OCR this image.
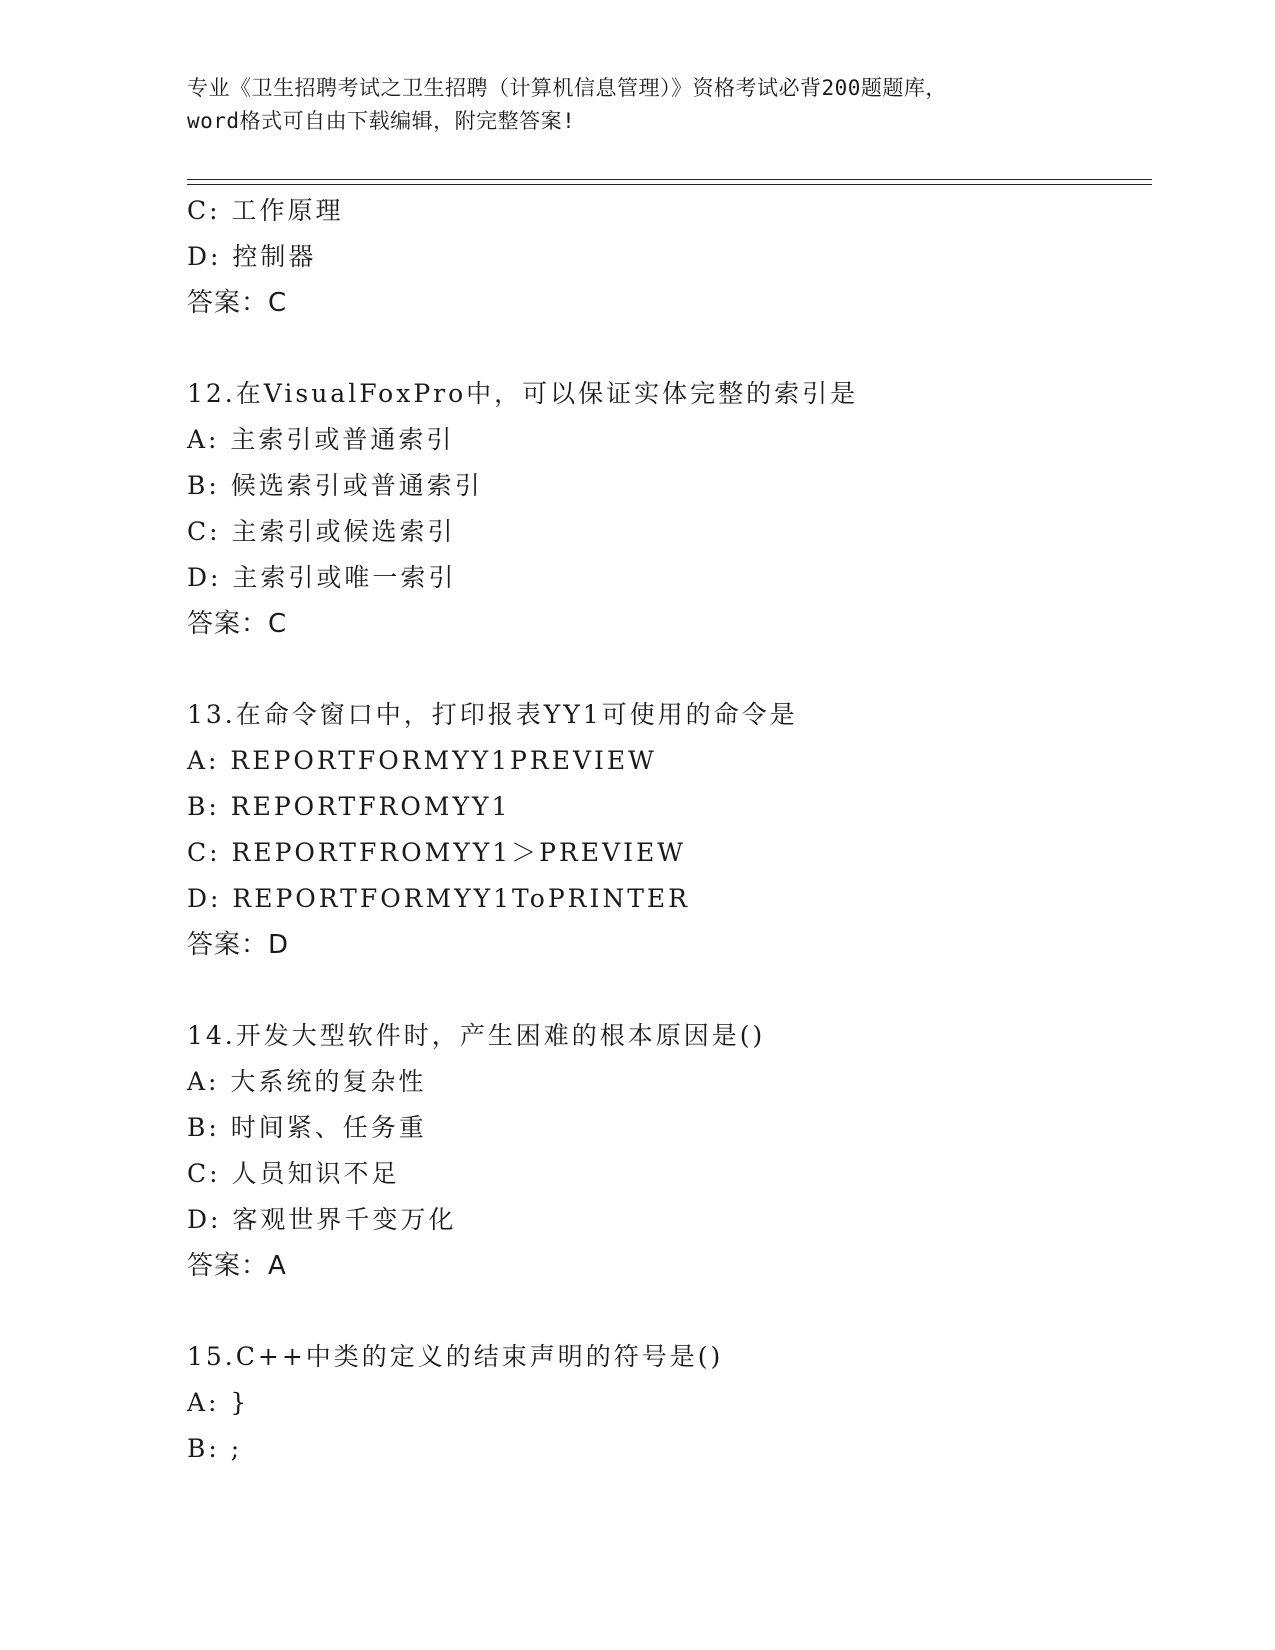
专业《卫生招聘考试之卫生招聘（计算机信息管理）》资格考试必背200题题库，
word格式可自由下载编辑，附完整答案!
C: 工作原理
D: 控制器
答案：C
12.在VisualFoxPro中，可以保证实体完整的索引是
A: 主索引或普通索引
B: 候选索引或普通索引
C: 主索引或候选索引
D: 主索引或唯一索引
答案：C
13.在命令窗口中，打印报表YY1可使用的命令是
A: REPORTFORMYY1PREVIEW
B: REPORTFROMYY1
C: REPORTFROMYY1＞PREVIEW
D: REPORTFORMYY1ToPRINTER
答案：D
14.开发大型软件时，产生困难的根本原因是()
A: 大系统的复杂性
B: 时间紧、任务重
C: 人员知识不足
D: 客观世界千变万化
答案：A
15.C++中类的定义的结束声明的符号是()
A: }
B: ;
